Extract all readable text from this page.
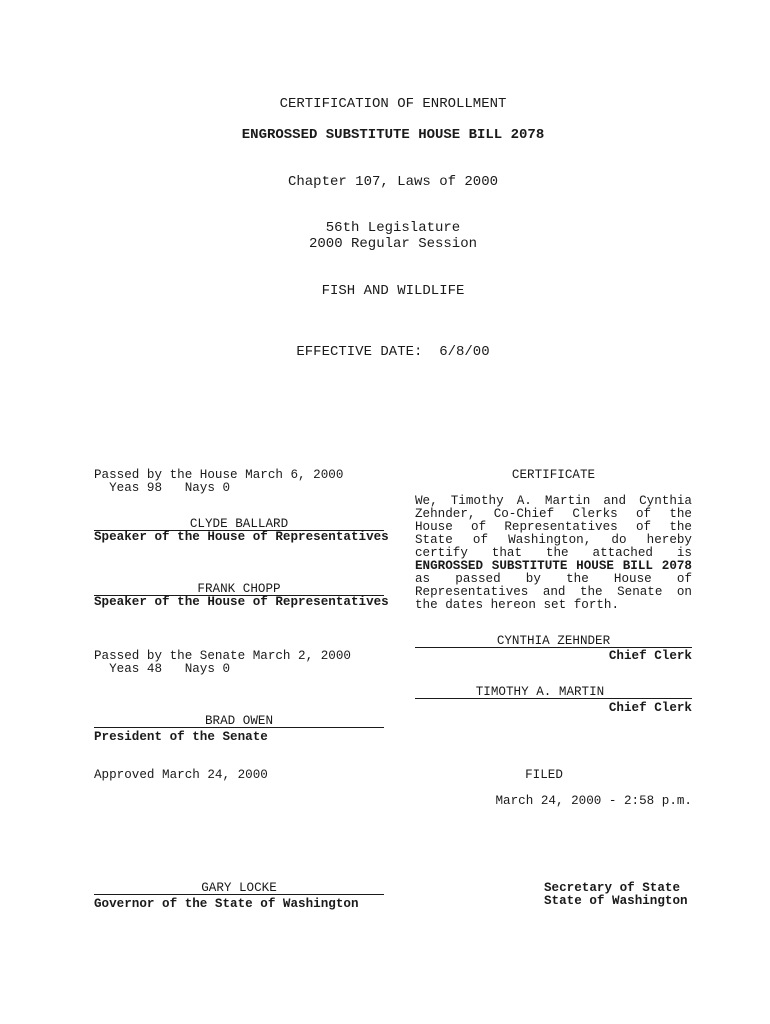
CERTIFICATION OF ENROLLMENT
ENGROSSED SUBSTITUTE HOUSE BILL 2078
Chapter 107, Laws of 2000
56th Legislature
2000 Regular Session
FISH AND WILDLIFE
EFFECTIVE DATE:  6/8/00
Passed by the House March 6, 2000
Yeas 98   Nays 0
CLYDE BALLARD
Speaker of the House of Representatives
FRANK CHOPP
Speaker of the House of Representatives
Passed by the Senate March 2, 2000
Yeas 48   Nays 0
BRAD OWEN
President of the Senate
Approved March 24, 2000
GARY LOCKE
Governor of the State of Washington
CERTIFICATE
We, Timothy A. Martin and Cynthia Zehnder, Co-Chief Clerks of the House of Representatives of the State of Washington, do hereby certify that the attached is ENGROSSED SUBSTITUTE HOUSE BILL 2078 as passed by the House of Representatives and the Senate on the dates hereon set forth.
CYNTHIA ZEHNDER
Chief Clerk
TIMOTHY A. MARTIN
Chief Clerk
FILED
March 24, 2000 - 2:58 p.m.
Secretary of State
State of Washington
